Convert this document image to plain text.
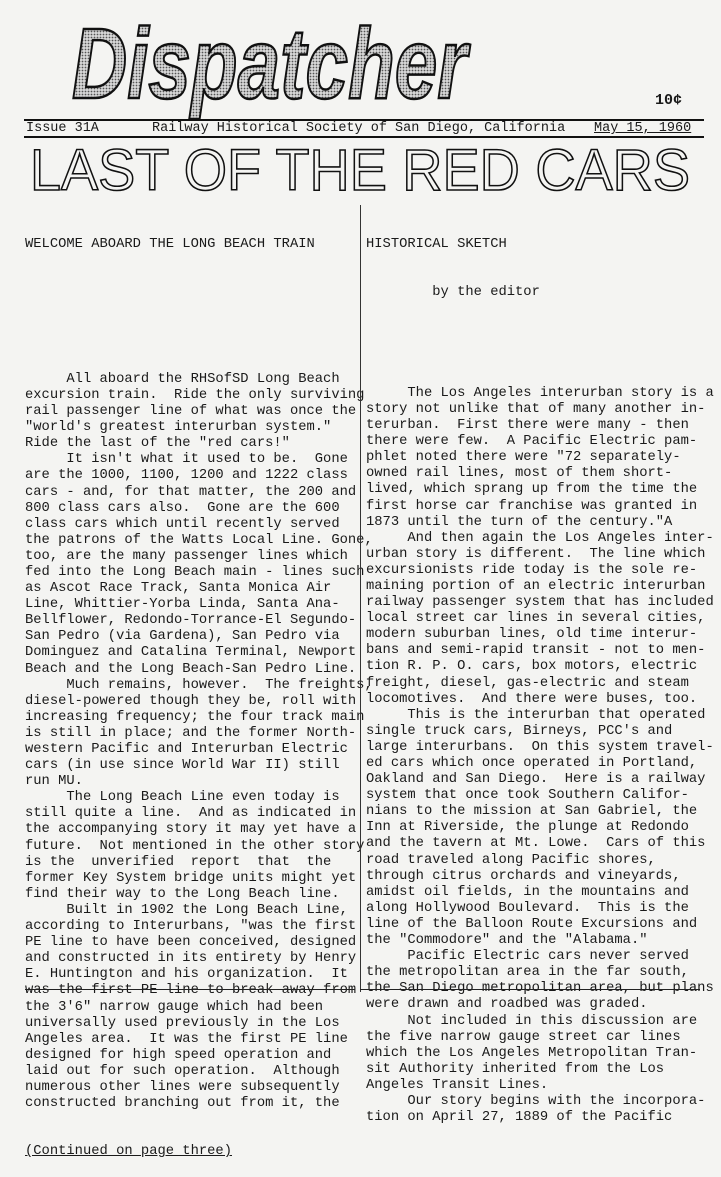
Dispatcher	10¢

Issue 31A

	Railway Historical Society of San Diego, California

May 15, 1960

LAST OF THE RED CARS

WELCOME ABOARD THE LONG BEACH TRAIN

All aboard the RHSofSD Long Beach
excursion train.  Ride the only surviving
rail passenger line of what was once the
"world's greatest interurban system."
Ride the last of the "red cars!"
It isn't what it used to be.  Gone
are the 1000, 1100, 1200 and 1222 class
cars - and, for that matter, the 200 and
800 class cars also.  Gone are the 600
class cars which until recently served
the patrons of the Watts Local Line. Gone,
too, are the many passenger lines which
fed into the Long Beach main - lines such
as Ascot Race Track, Santa Monica Air
Line, Whittier-Yorba Linda, Santa Ana-
Bellflower, Redondo-Torrance-El Segundo-
San Pedro (via Gardena), San Pedro via
Dominguez and Catalina Terminal, Newport
Beach and the Long Beach-San Pedro Line.
Much remains, however.  The freights,
diesel-powered though they be, roll with
increasing frequency; the four track main
is still in place; and the former North-
western Pacific and Interurban Electric
cars (in use since World War II) still
run MU.
The Long Beach Line even today is
still quite a line.  And as indicated in
the accompanying story it may yet have a
future.  Not mentioned in the other story
is the  unverified  report  that  the
former Key System bridge units might yet
find their way to the Long Beach line.
Built in 1902 the Long Beach Line,
according to Interurbans, "was the first
PE line to have been conceived, designed
and constructed in its entirety by Henry
E. Huntington and his organization.  It
was the first PE line to break away from
the 3'6" narrow gauge which had been
universally used previously in the Los
Angeles area.  It was the first PE line
designed for high speed operation and
laid out for such operation.  Although
numerous other lines were subsequently
constructed branching out from it, the

(Continued on page three)

HISTORICAL SKETCH

by the editor

The Los Angeles interurban story is a
story not unlike that of many another in-
terurban.  First there were many - then
there were few.  A Pacific Electric pam-
phlet noted there were "72 separately-
owned rail lines, most of them short-
lived, which sprang up from the time the
first horse car franchise was granted in
1873 until the turn of the century."A
And then again the Los Angeles inter-
urban story is different.  The line which
excursionists ride today is the sole re-
maining portion of an electric interurban
railway passenger system that has included
local street car lines in several cities,
modern suburban lines, old time interur-
bans and semi-rapid transit - not to men-
tion R. P. O. cars, box motors, electric
freight, diesel, gas-electric and steam
locomotives.  And there were buses, too.
This is the interurban that operated
single truck cars, Birneys, PCC's and
large interurbans.  On this system travel-
ed cars which once operated in Portland,
Oakland and San Diego.  Here is a railway
system that once took Southern Califor-
nians to the mission at San Gabriel, the
Inn at Riverside, the plunge at Redondo
and the tavern at Mt. Lowe.  Cars of this
road traveled along Pacific shores,
through citrus orchards and vineyards,
amidst oil fields, in the mountains and
along Hollywood Boulevard.  This is the
line of the Balloon Route Excursions and
the "Commodore" and the "Alabama."
Pacific Electric cars never served
the metropolitan area in the far south,
the San Diego metropolitan area, but plans
were drawn and roadbed was graded.
Not included in this discussion are
the five narrow gauge street car lines
which the Los Angeles Metropolitan Tran-
sit Authority inherited from the Los
Angeles Transit Lines.
Our story begins with the incorpora-
tion on April 27, 1889 of the Pacific
